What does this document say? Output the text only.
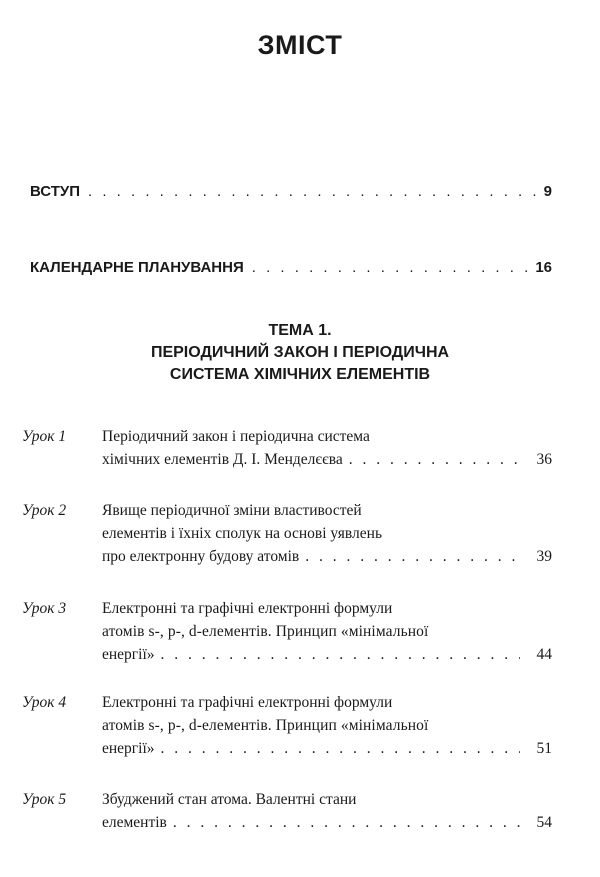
ЗМІСТ
ВСТУП . . .	9
КАЛЕНДАРНЕ ПЛАНУВАННЯ . . .	16
ТЕМА 1.
ПЕРІОДИЧНИЙ ЗАКОН І ПЕРІОДИЧНА
СИСТЕМА ХІМІЧНИХ ЕЛЕМЕНТІВ
Урок 1	Періодичний закон і періодична система
хімічних елементів Д. І. Менделєєва . . .	36
Урок 2	Явище періодичної зміни властивостей
елементів і їхніх сполук на основі уявлень
про електронну будову атомів . . .	39
Урок 3	Електронні та графічні електронні формули
атомів s-, p-, d-елементів. Принцип «мінімальної
енергії» . . .	44
Урок 4	Електронні та графічні електронні формули
атомів s-, p-, d-елементів. Принцип «мінімальної
енергії» . . .	51
Урок 5	Збуджений стан атома. Валентні стани
елементів . . .	54
